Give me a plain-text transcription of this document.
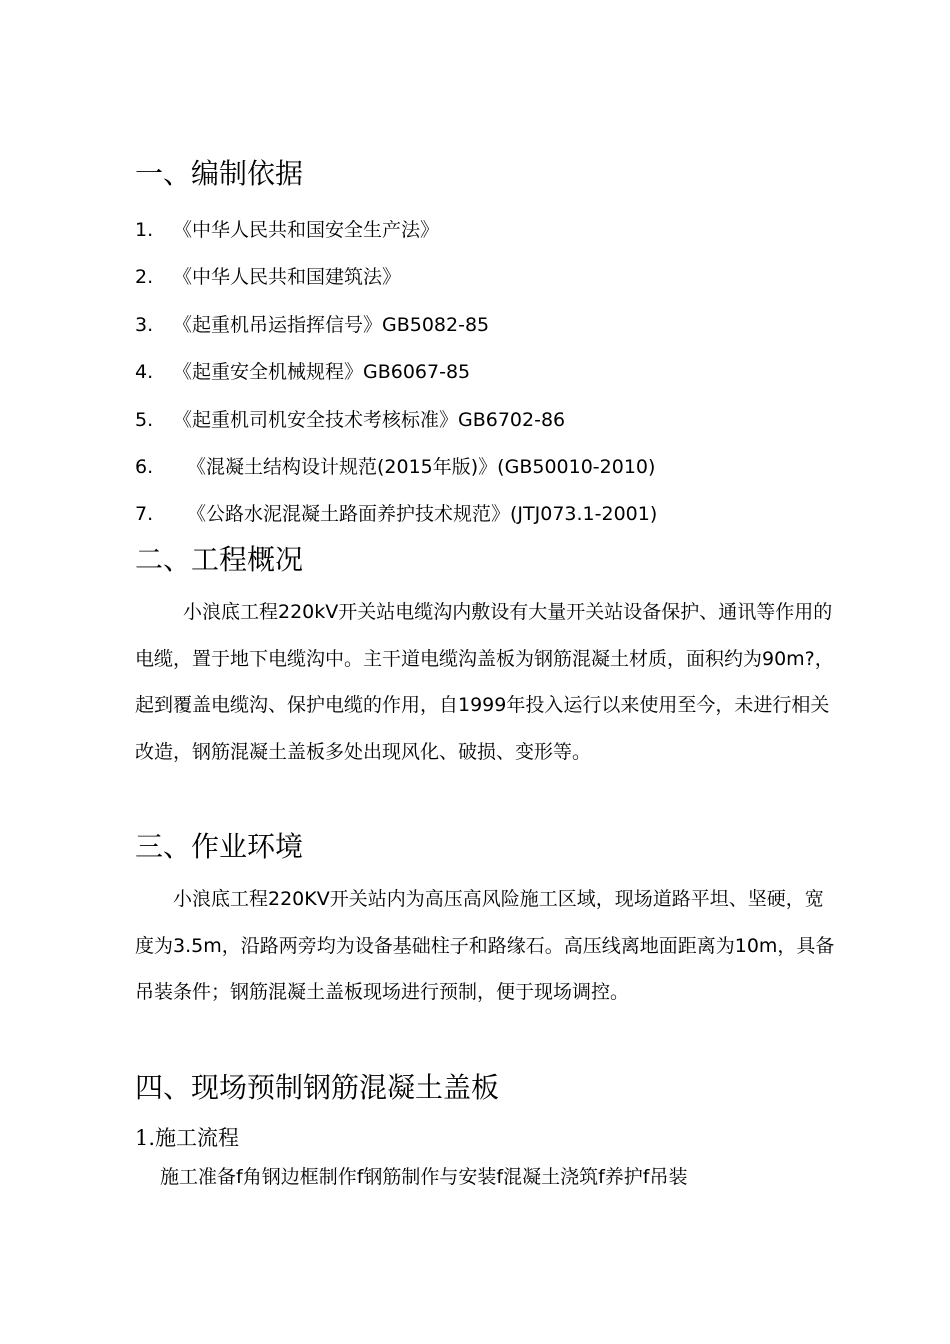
一、编制依据
1. 《中华人民共和国安全生产法》
2. 《中华人民共和国建筑法》
3. 《起重机吊运指挥信号》GB5082-85
4. 《起重安全机械规程》GB6067-85
5. 《起重机司机安全技术考核标准》GB6702-86
6. 《混凝土结构设计规范(2015年版)》(GB50010-2010)
7. 《公路水泥混凝土路面养护技术规范》(JTJ073.1-2001)
二、工程概况

小浪底工程220kV开关站电缆沟内敷设有大量开关站设备保护、通讯等作用的电缆，置于地下电缆沟中。主干道电缆沟盖板为钢筋混凝土材质，面积约为90m?，起到覆盖电缆沟、保护电缆的作用，自1999年投入运行以来使用至今，未进行相关改造，钢筋混凝土盖板多处出现风化、破损、变形等。

三、作业环境

小浪底工程220KV开关站内为高压高风险施工区域，现场道路平坦、坚硬，宽度为3.5m，沿路两旁均为设备基础柱子和路缘石。高压线离地面距离为10m，具备吊装条件；钢筋混凝土盖板现场进行预制，便于现场调控。

四、现场预制钢筋混凝土盖板
1.施工流程
施工准备f角钢边框制作f钢筋制作与安装f混凝土浇筑f养护f吊装
